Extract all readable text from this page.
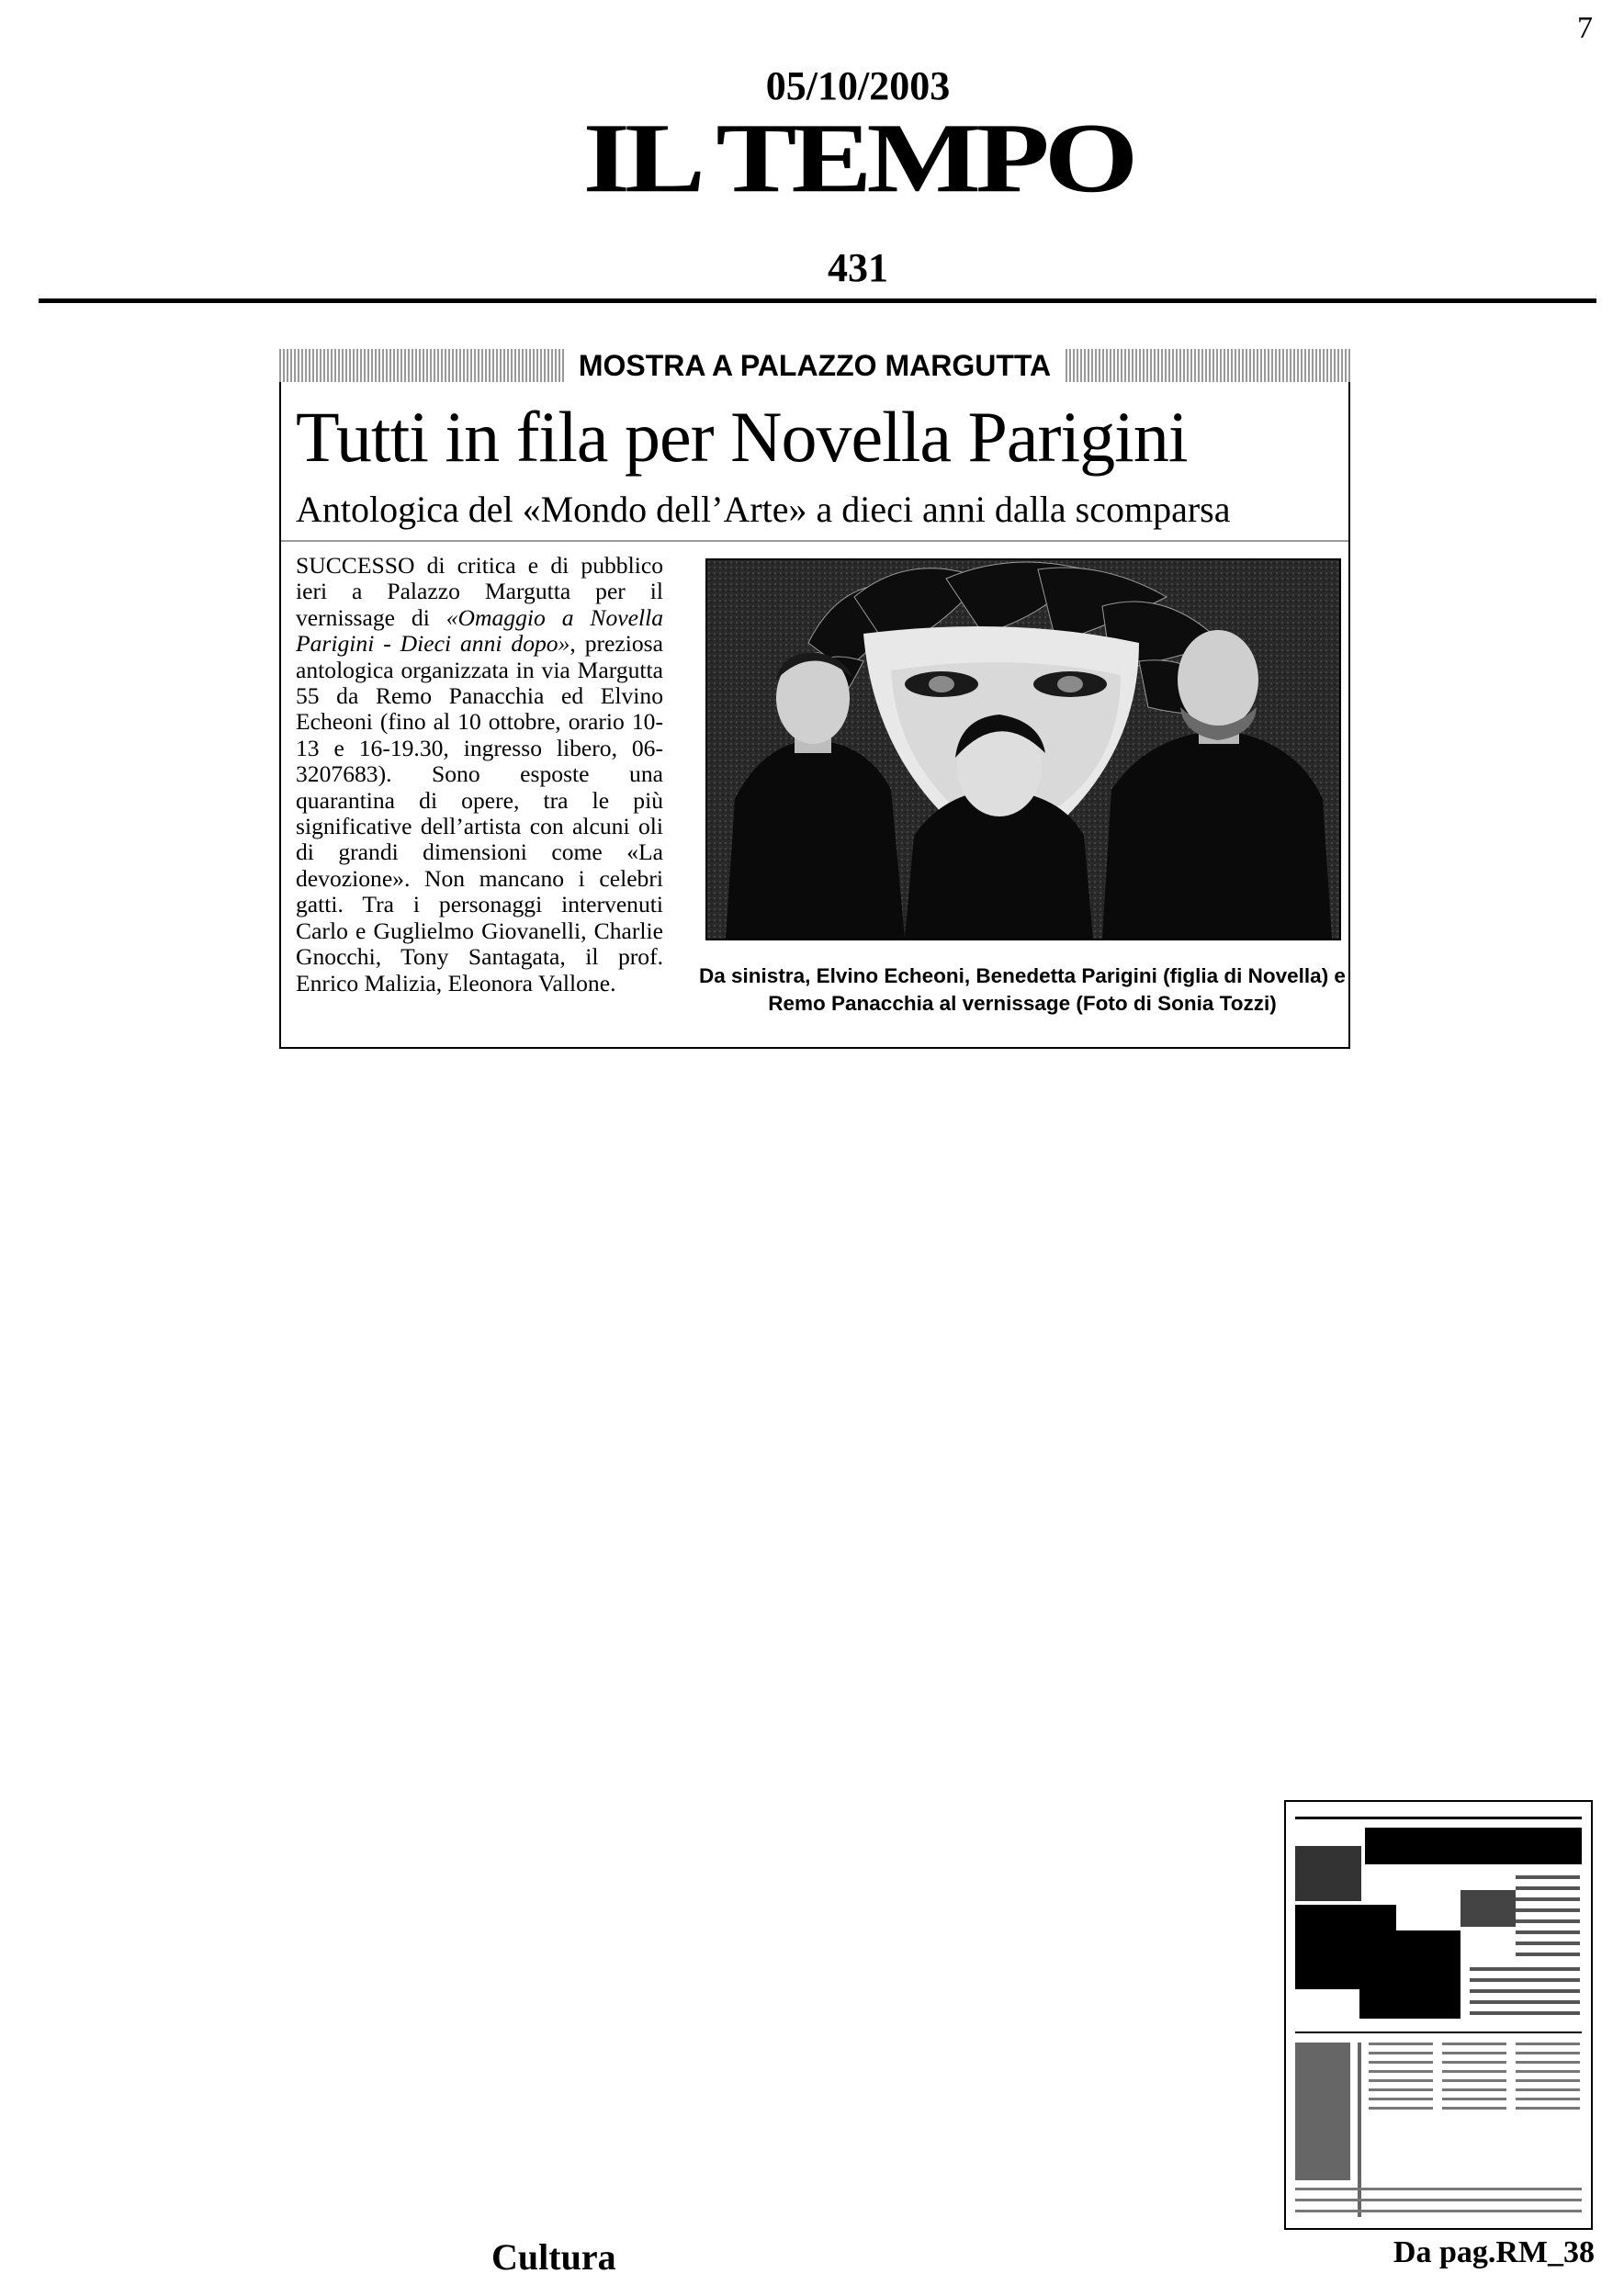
7
05/10/2003
IL TEMPO
431
MOSTRA A PALAZZO MARGUTTA
Tutti in fila per Novella Parigini
Antologica del «Mondo dell’Arte» a dieci anni dalla scomparsa

SUCCESSO di critica e di pubblico ieri a Palazzo Margutta per il vernissage di «Omaggio a Novella Parigini - Dieci anni dopo», preziosa antologica organizzata in via Margutta 55 da Remo Panacchia ed Elvino Echeoni (fino al 10 ottobre, orario 10-13 e 16-19.30, ingresso libero, 06-3207683). Sono esposte una quarantina di opere, tra le più significative dell’artista con alcuni oli di grandi dimensioni come «La devozione». Non mancano i celebri gatti. Tra i personaggi intervenuti Carlo e Guglielmo Giovanelli, Charlie Gnocchi, Tony Santagata, il prof. Enrico Malizia, Eleonora Vallone.	Da sinistra, Elvino Echeoni, Benedetta Parigini (figlia di Novella) e Remo Panacchia al vernissage (Foto di Sonia Tozzi)
Cultura	Da pag.RM_38
